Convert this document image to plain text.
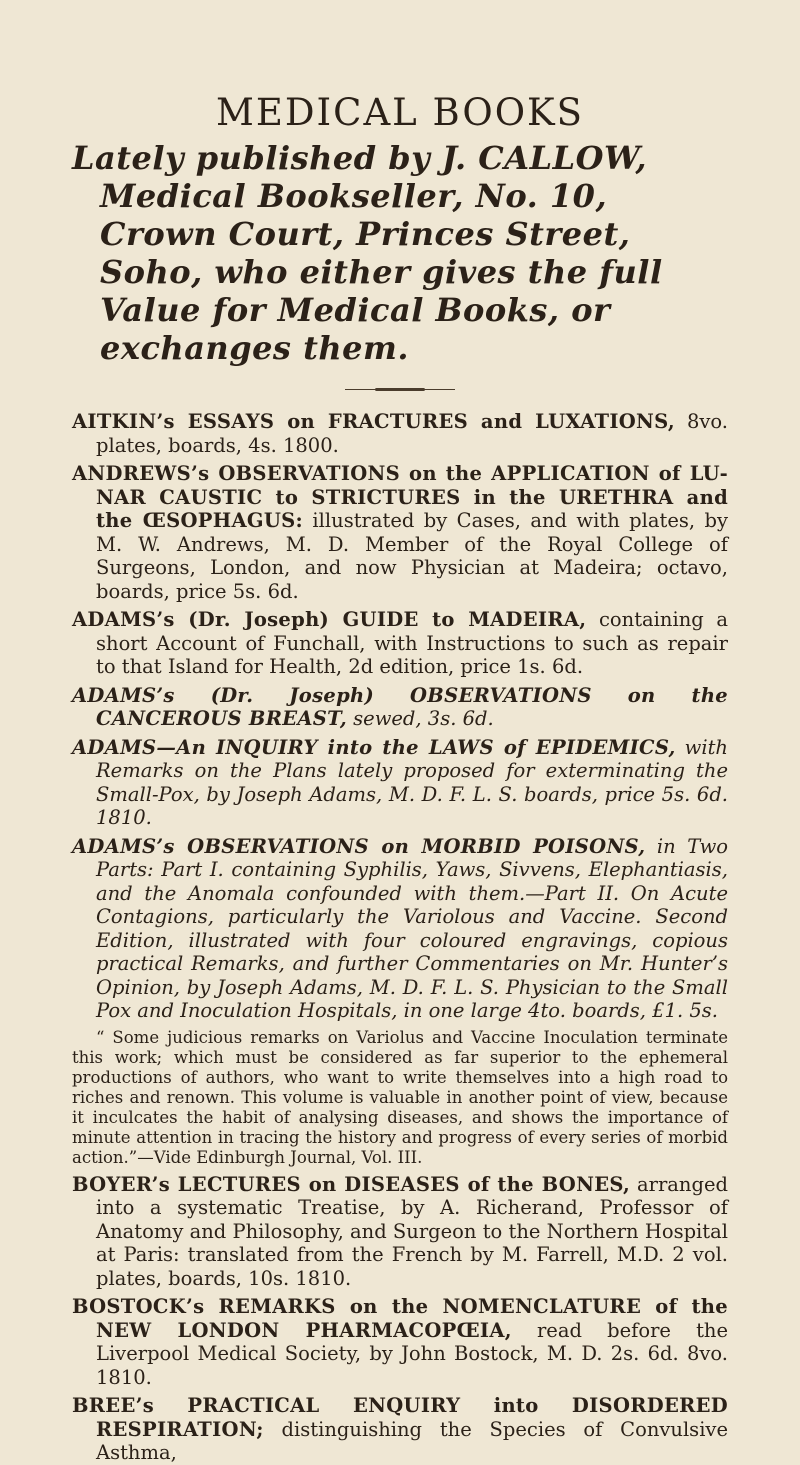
MEDICAL BOOKS

Lately published by J. CALLOW, Medical Bookseller, No. 10, Crown Court, Princes Street, Soho, who either gives the full Value for Medical Books, or exchanges them.

AITKIN’s ESSAYS on FRACTURES and LUXATIONS, 8vo. plates, boards, 4s. 1800.

ANDREWS’s OBSERVATIONS on the APPLICATION of LU-NAR CAUSTIC to STRICTURES in the URETHRA and the ŒSOPHAGUS: illustrated by Cases, and with plates, by M. W. Andrews, M. D. Member of the Royal College of Surgeons, London, and now Physician at Madeira; octavo, boards, price 5s. 6d.

ADAMS’s (Dr. Joseph) GUIDE to MADEIRA, containing a short Account of Funchall, with Instructions to such as repair to that Island for Health, 2d edition, price 1s. 6d.

ADAMS’s (Dr. Joseph) OBSERVATIONS on the CANCEROUS BREAST, sewed, 3s. 6d.

ADAMS—An INQUIRY into the LAWS of EPIDEMICS, with Remarks on the Plans lately proposed for exterminating the Small-Pox, by Joseph Adams, M. D. F. L. S. boards, price 5s. 6d. 1810.

ADAMS’s OBSERVATIONS on MORBID POISONS, in Two Parts: Part I. containing Syphilis, Yaws, Sivvens, Elephantiasis, and the Anomala confounded with them.—Part II. On Acute Contagions, particularly the Variolous and Vaccine. Second Edition, illustrated with four coloured engravings, copious practical Remarks, and further Commentaries on Mr. Hunter’s Opinion, by Joseph Adams, M. D. F. L. S. Physician to the Small Pox and Inoculation Hospitals, in one large 4to. boards, £1. 5s.

“ Some judicious remarks on Variolus and Vaccine Inoculation terminate this work; which must be considered as far superior to the ephemeral productions of authors, who want to write themselves into a high road to riches and renown. This volume is valuable in another point of view, because it inculcates the habit of analysing diseases, and shows the importance of minute attention in tracing the history and progress of every series of morbid action.”—Vide Edinburgh Journal, Vol. III.

BOYER’s LECTURES on DISEASES of the BONES, arranged into a systematic Treatise, by A. Richerand, Professor of Anatomy and Philosophy, and Surgeon to the Northern Hospital at Paris: translated from the French by M. Farrell, M.D. 2 vol. plates, boards, 10s. 1810.

BOSTOCK’s REMARKS on the NOMENCLATURE of the NEW LONDON PHARMACOPŒIA, read before the Liverpool Medical Society, by John Bostock, M. D. 2s. 6d. 8vo. 1810.

BREE’s PRACTICAL ENQUIRY into DISORDERED RESPIRATION; distinguishing the Species of Convulsive Asthma,
